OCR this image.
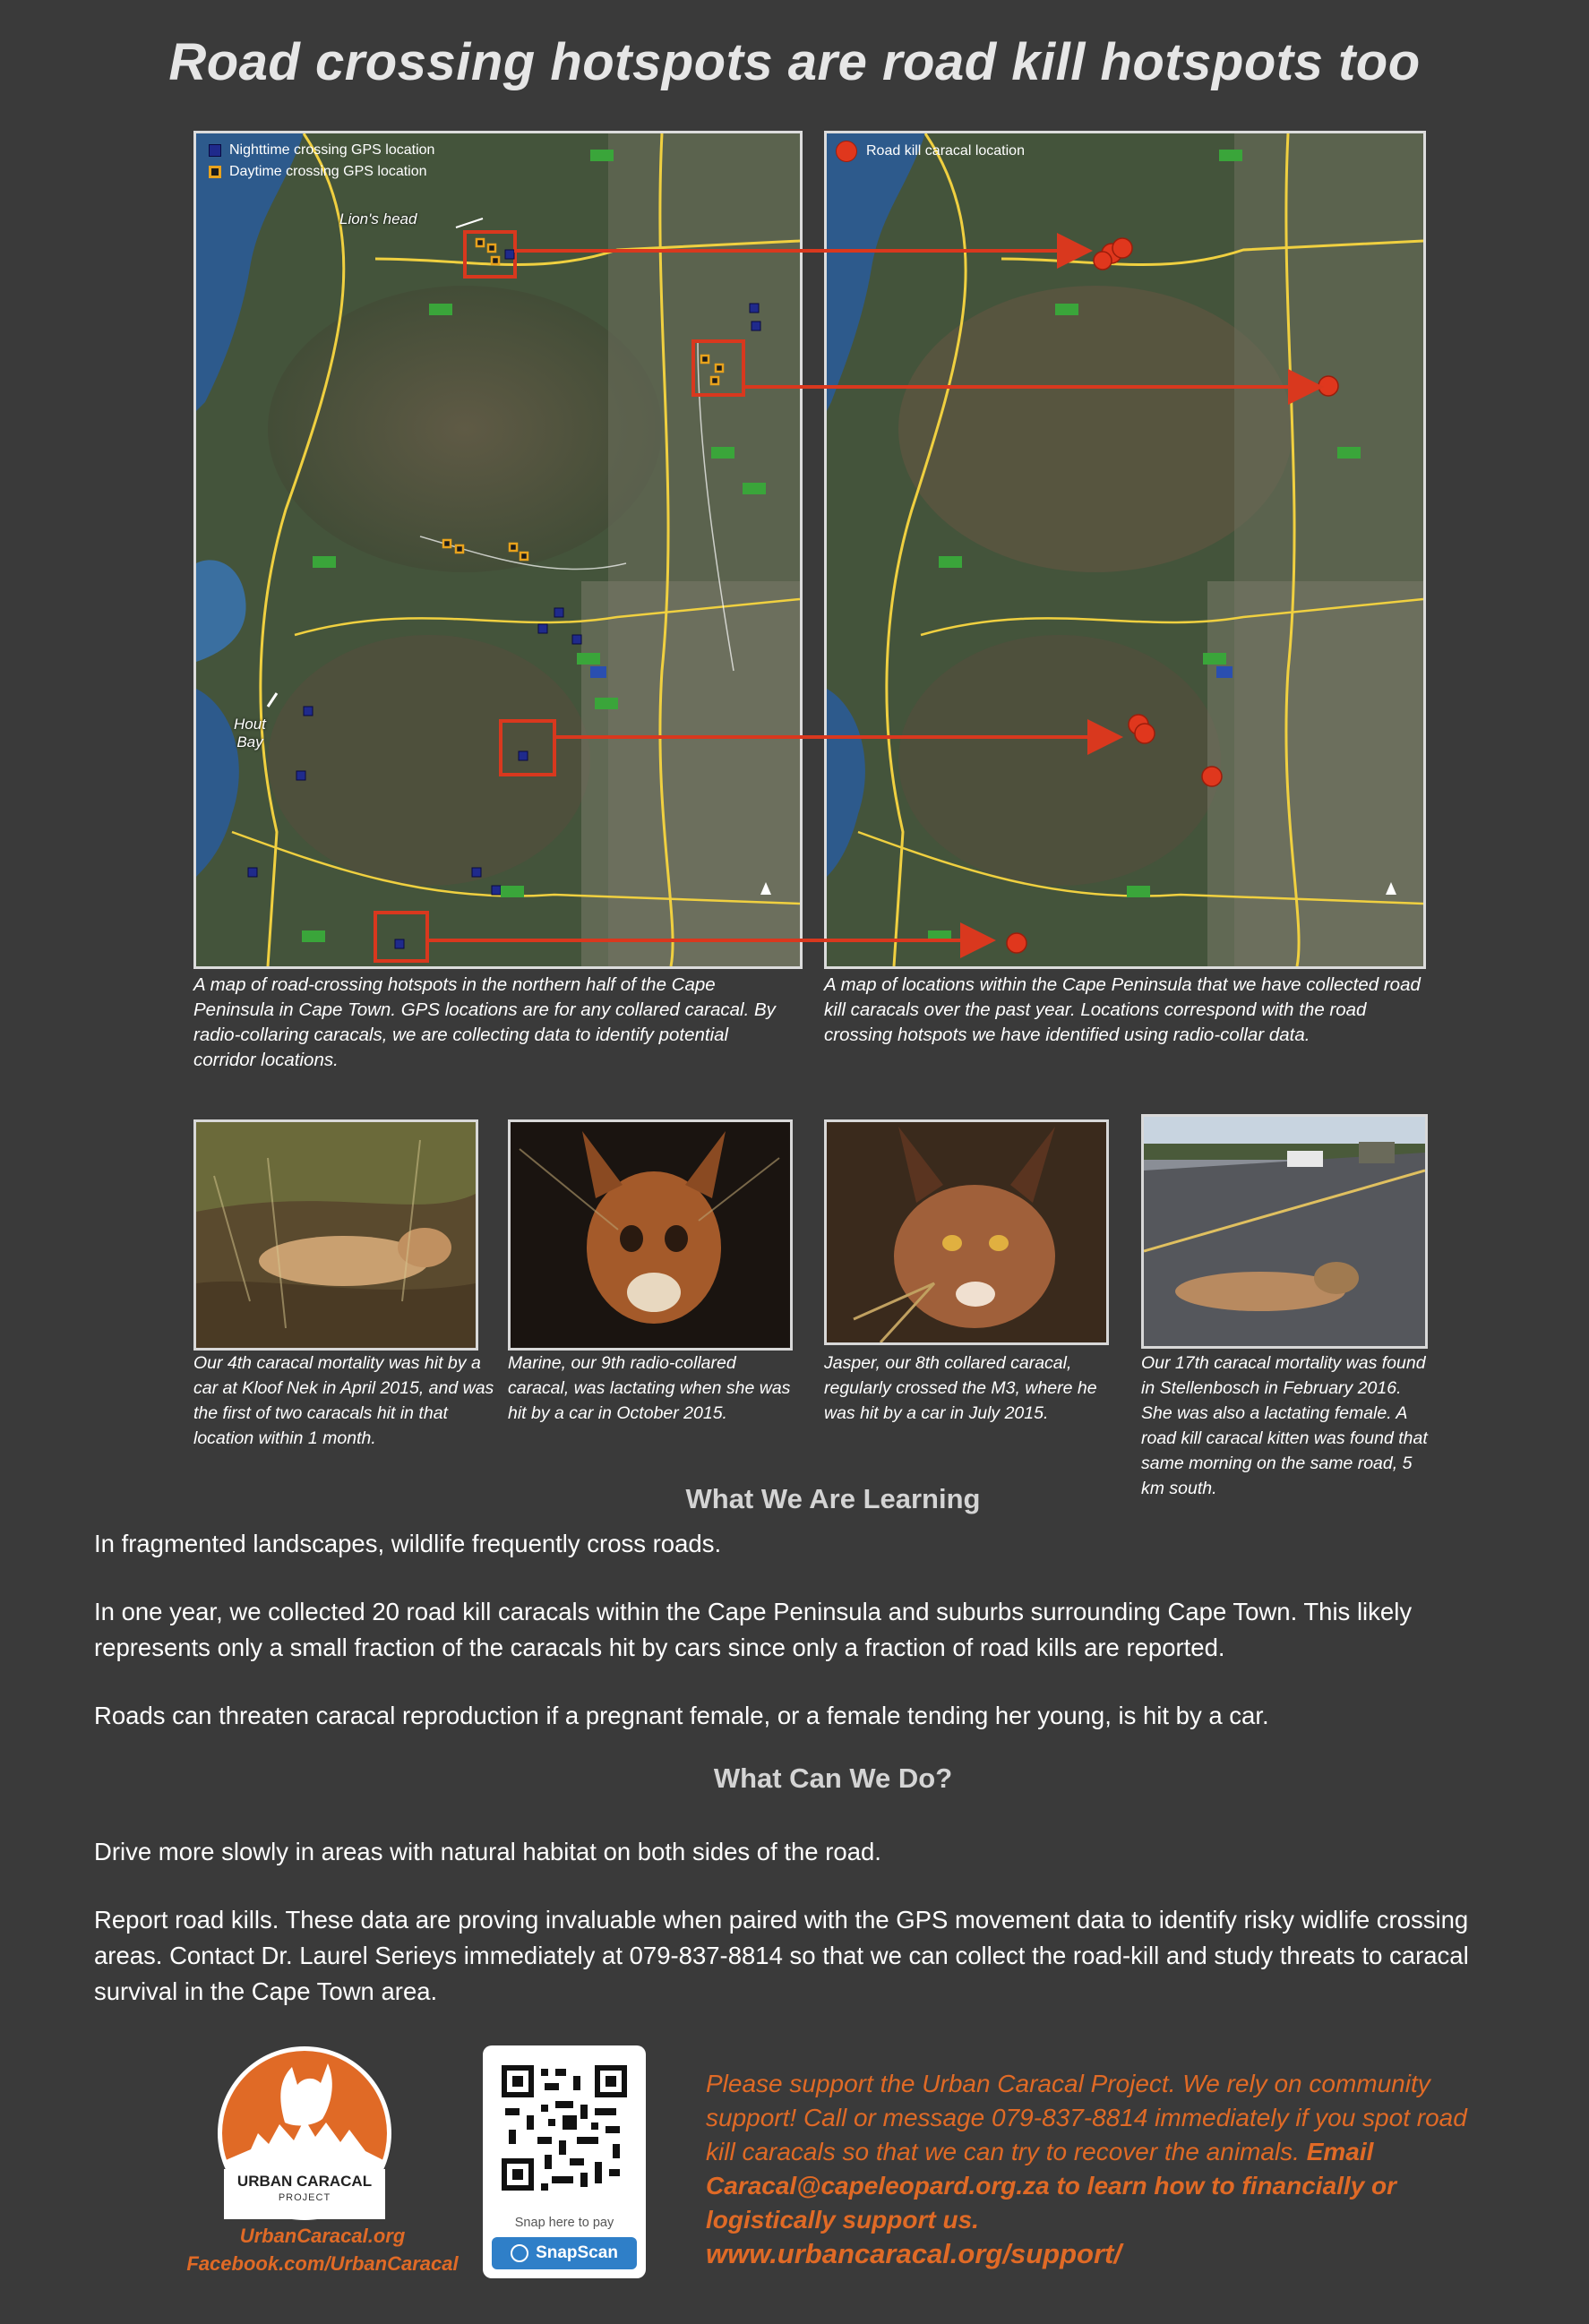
Road crossing hotspots are road kill hotspots too
Nighttime crossing GPS location
Daytime crossing GPS location
Lion's head
Hout
Bay
Road kill caracal location
A map of road-crossing hotspots in the northern half of the Cape Peninsula in Cape Town. GPS locations are for any collared caracal. By radio-collaring caracals, we are collecting data to identify potential corridor locations.
A map of locations within the Cape Peninsula that we have collected road kill caracals over the past year. Locations correspond with the road crossing hotspots we have identified using radio-collar data.
Our 4th caracal mortality was hit by a car at Kloof Nek in April 2015, and was the first of two caracals hit in that location within 1 month.
Marine, our 9th radio-collared caracal, was lactating when she was hit by a car in October 2015.
Jasper, our 8th collared caracal, regularly crossed the M3, where he was hit by a car in July 2015.
Our 17th caracal mortality was found in Stellenbosch in February 2016. She was also a lactating female. A road kill caracal kitten was found that same morning on the same road, 5 km south.
What We Are Learning
In fragmented landscapes, wildlife frequently cross roads.
In one year, we collected 20 road kill caracals within the Cape Peninsula and suburbs surrounding Cape Town. This likely represents only a small fraction of the caracals hit by cars since only a fraction of road kills are reported.
Roads can threaten caracal reproduction if a pregnant female, or a female tending her young, is hit by a car.
What Can We Do?
Drive more slowly in areas with natural habitat on both sides of the road.
Report road kills. These data are proving invaluable when paired with the GPS movement data to identify risky widlife crossing areas. Contact Dr. Laurel Serieys immediately at 079-837-8814 so that we can collect the road-kill and study threats to caracal survival in the Cape Town area.
URBAN CARACAL
PROJECT
UrbanCaracal.org
Facebook.com/UrbanCaracal
Snap here to pay
SnapScan
Please support the Urban Caracal Project. We rely on community support! Call or message 079-837-8814 immediately if you spot road kill caracals so that we can try to recover the animals. Email Caracal@capeleopard.org.za to learn how to financially or logistically support us.
www.urbancaracal.org/support/
